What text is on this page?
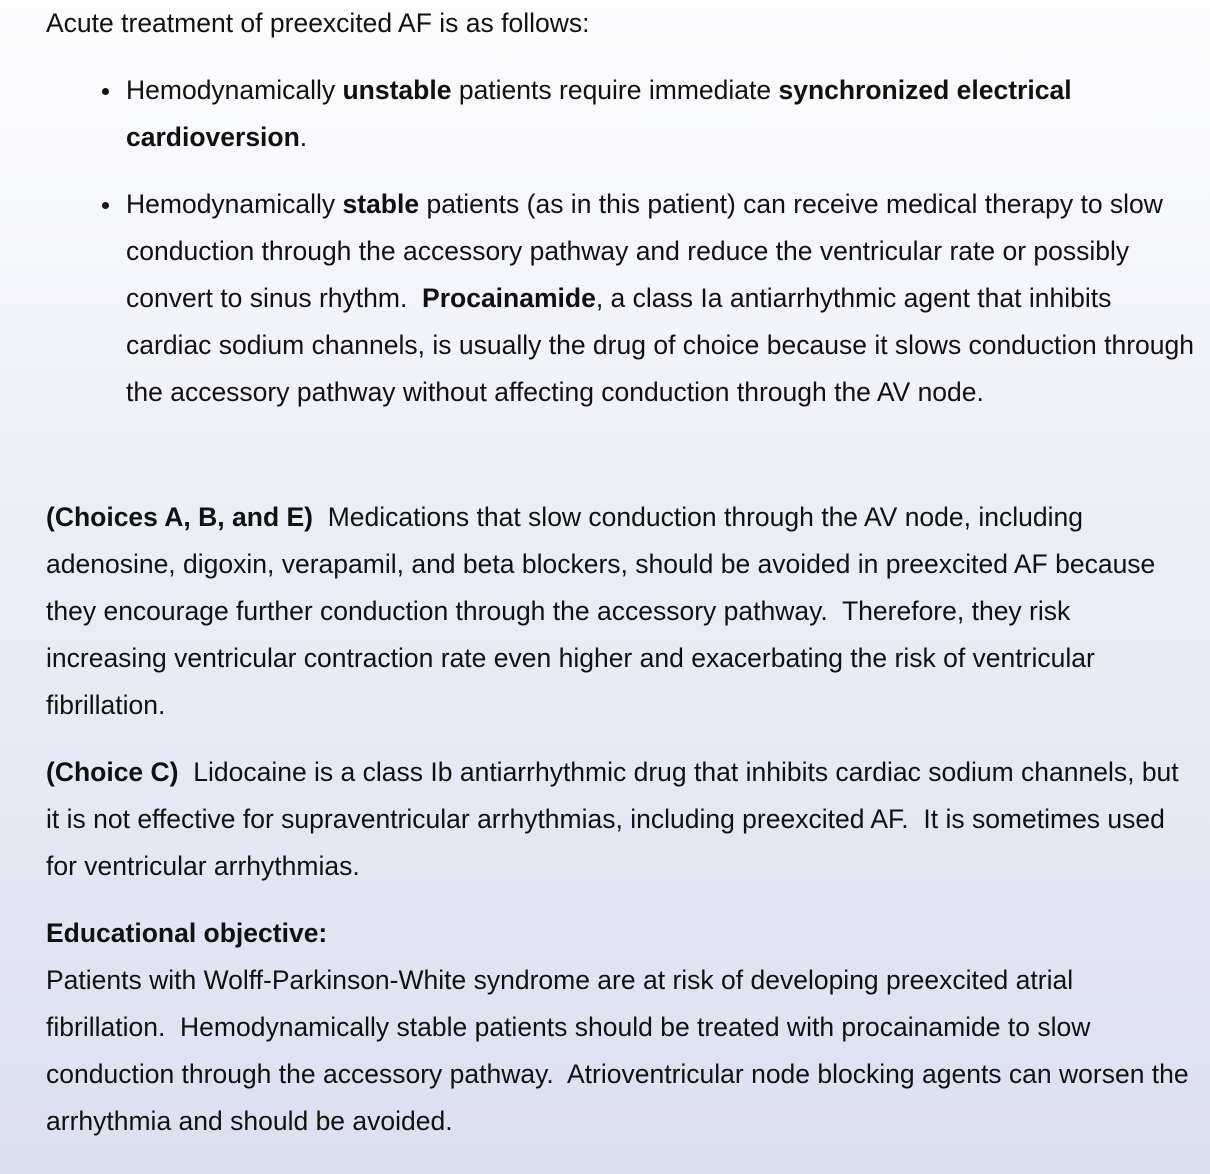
Acute treatment of preexcited AF is as follows:

Hemodynamically unstable patients require immediate synchronized electrical cardioversion.
Hemodynamically stable patients (as in this patient) can receive medical therapy to slow conduction through the accessory pathway and reduce the ventricular rate or possibly convert to sinus rhythm.  Procainamide, a class Ia antiarrhythmic agent that inhibits cardiac sodium channels, is usually the drug of choice because it slows conduction through the accessory pathway without affecting conduction through the AV node.

(Choices A, B, and E)  Medications that slow conduction through the AV node, including adenosine, digoxin, verapamil, and beta blockers, should be avoided in preexcited AF because they encourage further conduction through the accessory pathway.  Therefore, they risk increasing ventricular contraction rate even higher and exacerbating the risk of ventricular fibrillation.

(Choice C)  Lidocaine is a class Ib antiarrhythmic drug that inhibits cardiac sodium channels, but it is not effective for supraventricular arrhythmias, including preexcited AF.  It is sometimes used for ventricular arrhythmias.

Educational objective:

Patients with Wolff-Parkinson-White syndrome are at risk of developing preexcited atrial fibrillation.  Hemodynamically stable patients should be treated with procainamide to slow conduction through the accessory pathway.  Atrioventricular node blocking agents can worsen the arrhythmia and should be avoided.
